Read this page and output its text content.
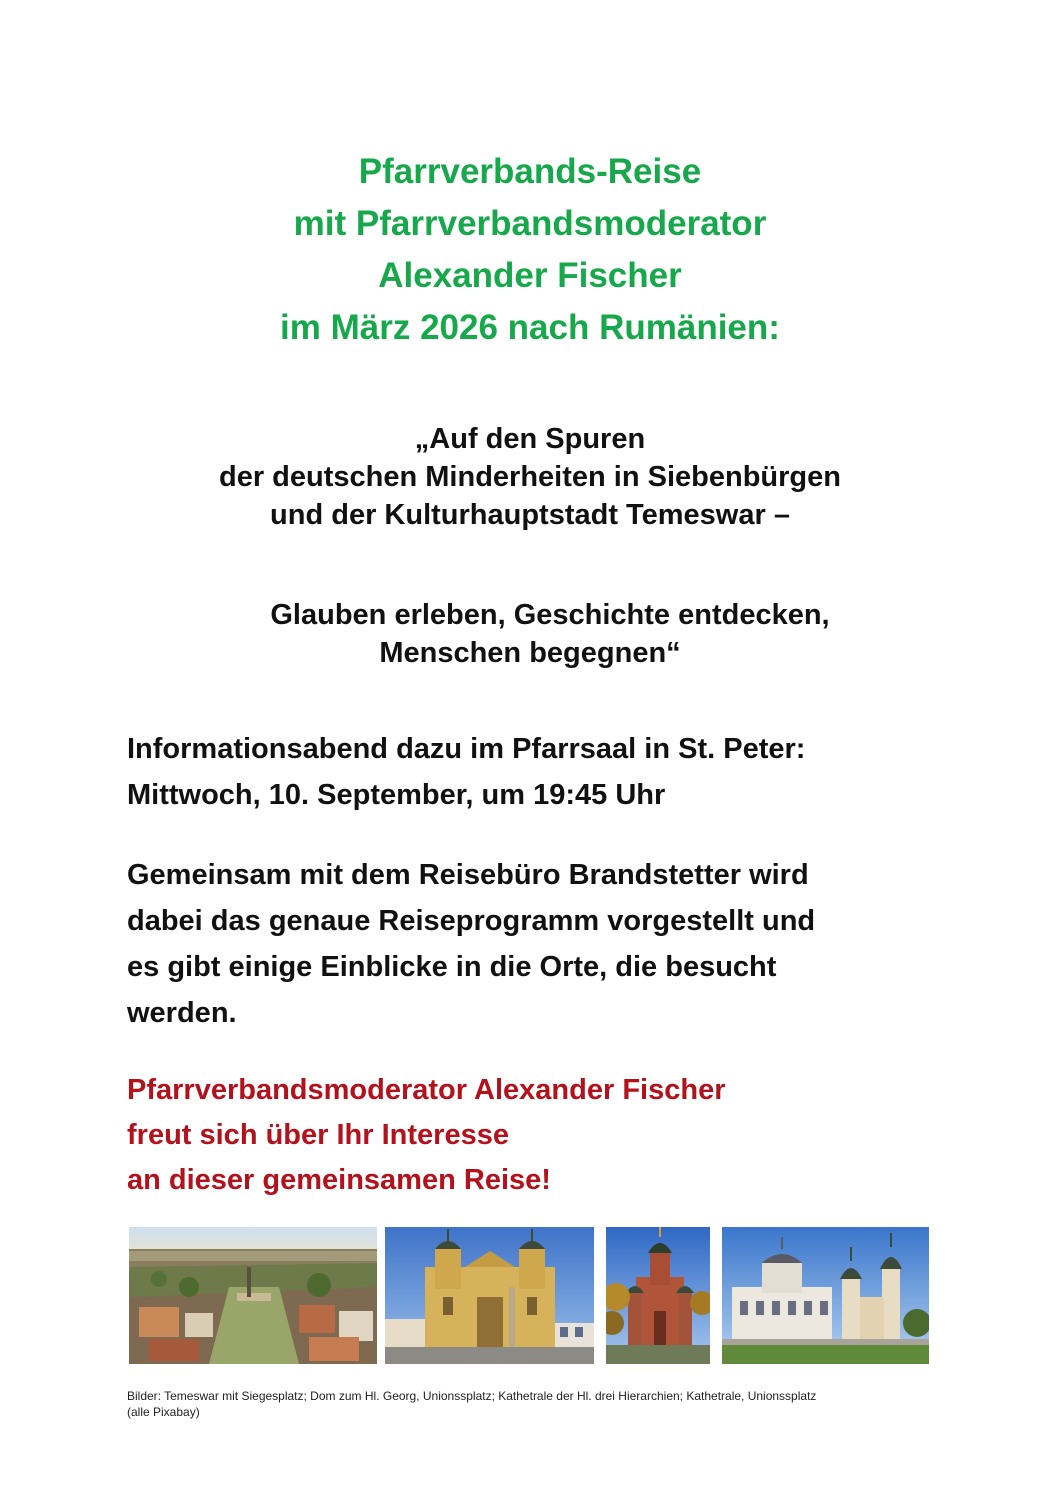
Pfarrverbands-Reise
mit Pfarrverbandsmoderator
Alexander Fischer
im März 2026 nach Rumänien:
„Auf den Spuren
der deutschen Minderheiten in Siebenbürgen
und der Kulturhauptstadt Temeswar –
Glauben erleben, Geschichte entdecken,
Menschen begegnen“
Informationsabend dazu im Pfarrsaal in St. Peter:
Mittwoch, 10. September, um 19:45 Uhr
Gemeinsam mit dem Reisebüro Brandstetter wird
dabei das genaue Reiseprogramm vorgestellt und
es gibt einige Einblicke in die Orte, die besucht
werden.
Pfarrverbandsmoderator Alexander Fischer
freut sich über Ihr Interesse
an dieser gemeinsamen Reise!
Bilder: Temeswar mit Siegesplatz; Dom zum Hl. Georg, Unionssplatz; Kathetrale der Hl. drei Hierarchien; Kathetrale, Unionssplatz
(alle Pixabay)
